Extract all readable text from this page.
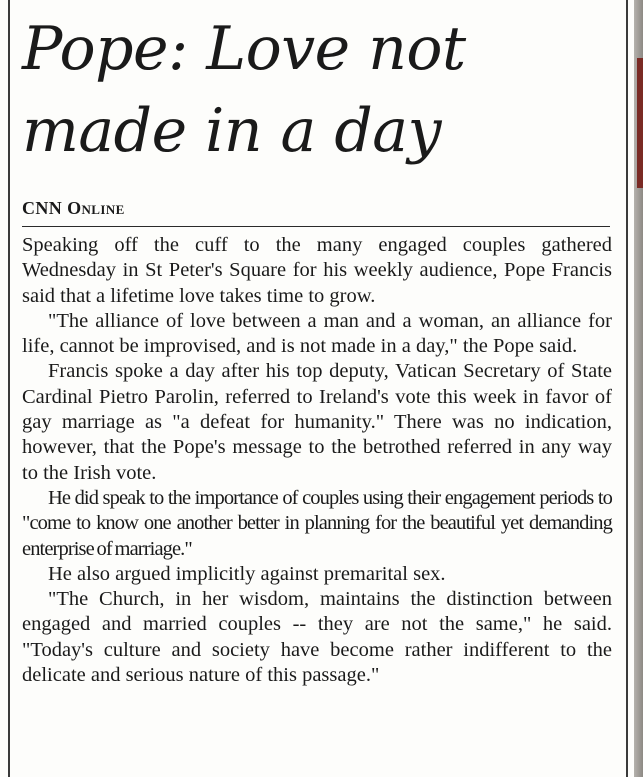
Pope: Love not made in a day
CNN Online

Speaking off the cuff to the many engaged couples gathered Wednesday in St Peter's Square for his weekly audience, Pope Francis said that a lifetime love takes time to grow.

"The alliance of love between a man and a woman, an alliance for life, cannot be improvised, and is not made in a day," the Pope said.

Francis spoke a day after his top deputy, Vatican Secretary of State Cardinal Pietro Parolin, referred to Ireland's vote this week in favor of gay marriage as "a defeat for humanity." There was no indication, however, that the Pope's message to the betrothed referred in any way to the Irish vote.

He did speak to the importance of couples using their engagement periods to "come to know one another better in planning for the beautiful yet demanding enterprise of marriage."

He also argued implicitly against premarital sex.

"The Church, in her wisdom, maintains the distinction between engaged and married couples -- they are not the same," he said. "Today's culture and society have become rather indifferent to the delicate and serious nature of this passage."
